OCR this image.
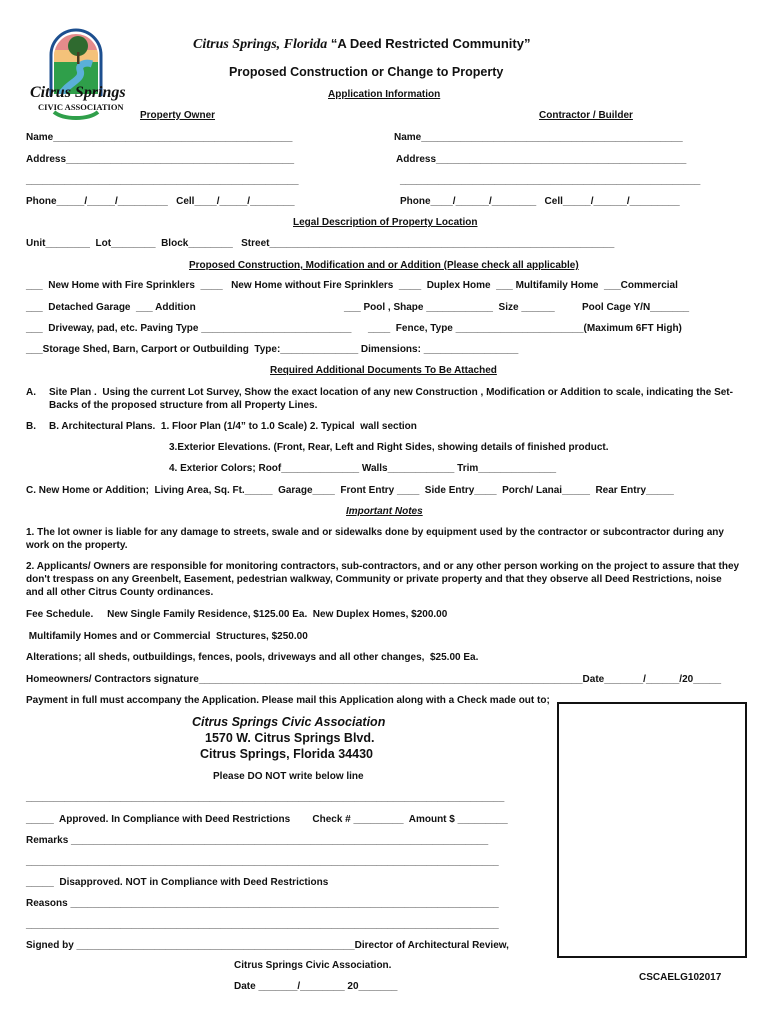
Citrus Springs
CIVIC ASSOCIATION
Citrus Springs, Florida “A Deed Restricted Community”
Proposed Construction or Change to Property
Application Information
Property Owner	Contractor / Builder
Name___________________________________________	Name_______________________________________________
Address_________________________________________	Address_____________________________________________
_________________________________________________	______________________________________________________
Phone_____/_____/_________   Cell____/_____/________	Phone____/______/________   Cell_____/______/_________
Legal Description of Property Location
Unit________  Lot________  Block________   Street______________________________________________________________
Proposed Construction, Modification and or Addition (Please check all applicable)
___  New Home with Fire Sprinklers  ____   New Home without Fire Sprinklers  ____  Duplex Home  ___ Multifamily Home  ___Commercial
___  Detached Garage  ___ Addition	___ Pool , Shape ____________  Size ______	Pool Cage Y/N_______
___  Driveway, pad, etc. Paving Type ___________________________ ____  Fence, Type _______________________(Maximum 6FT High)
___Storage Shed, Barn, Carport or Outbuilding  Type:______________ Dimensions: _________________
Required Additional Documents To Be Attached
A. Site Plan .  Using the current Lot Survey, Show the exact location of any new Construction , Modification or Addition to scale, indicating the Set-
Backs of the proposed structure from all Property Lines.
B. B. Architectural Plans.  1. Floor Plan (1/4” to 1.0 Scale) 2. Typical  wall section
3.Exterior Elevations. (Front, Rear, Left and Right Sides, showing details of finished product.
4. Exterior Colors; Roof______________ Walls____________ Trim______________
C. New Home or Addition;  Living Area, Sq. Ft._____  Garage____  Front Entry ____  Side Entry____  Porch/ Lanai_____  Rear Entry_____
Important Notes
1. The lot owner is liable for any damage to streets, swale and or sidewalks done by equipment used by the contractor or subcontractor during any
work on the property.
2. Applicants/ Owners are responsible for monitoring contractors, sub-contractors, and or any other person working on the project to assure that they
don't trespass on any Greenbelt, Easement, pedestrian walkway, Community or private property and that they observe all Deed Restrictions, noise
and all other Citrus County ordinances.
Fee Schedule.     New Single Family Residence, $125.00 Ea.  New Duplex Homes, $200.00
Multifamily Homes and or Commercial  Structures, $250.00
Alterations; all sheds, outbuildings, fences, pools, driveways and all other changes,  $25.00 Ea.
Homeowners/ Contractors signature_____________________________________________________________________Date_______/______/20_____
Payment in full must accompany the Application. Please mail this Application along with a Check made out to;
Citrus Springs Civic Association
1570 W. Citrus Springs Blvd.
Citrus Springs, Florida 34430
Please DO NOT write below line
______________________________________________________________________________________
_____  Approved. In Compliance with Deed Restrictions        Check # _________  Amount $ _________
Remarks ___________________________________________________________________________
_____________________________________________________________________________________
_____  Disapproved. NOT in Compliance with Deed Restrictions
Reasons _____________________________________________________________________________
_____________________________________________________________________________________
Signed by __________________________________________________Director of Architectural Review,
Citrus Springs Civic Association.
CSCAELG102017
Date _______/________ 20_______
